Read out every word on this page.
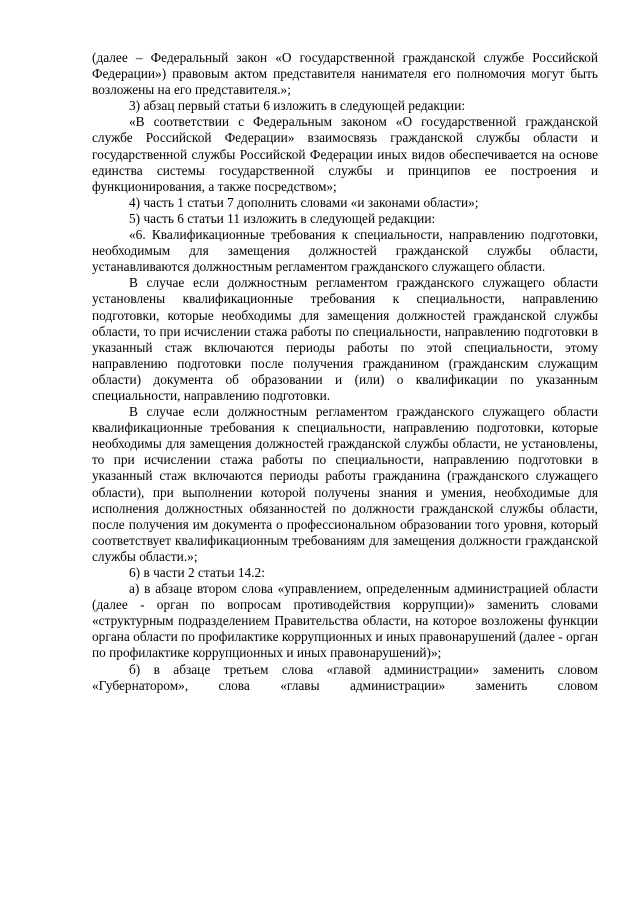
(далее – Федеральный закон «О государственной гражданской службе Российской Федерации») правовым актом представителя нанимателя его полномочия могут быть возложены на его представителя.»;

3) абзац первый статьи 6 изложить в следующей редакции:

«В соответствии с Федеральным законом «О государственной гражданской службе Российской Федерации» взаимосвязь гражданской службы области и государственной службы Российской Федерации иных видов обеспечивается на основе единства системы государственной службы и принципов ее построения и функционирования, а также посредством»;

4) часть 1 статьи 7 дополнить словами «и законами области»;

5) часть 6 статьи 11 изложить в следующей редакции:

«6. Квалификационные требования к специальности, направлению подготовки, необходимым для замещения должностей гражданской службы области, устанавливаются должностным регламентом гражданского служащего области.

В случае если должностным регламентом гражданского служащего области установлены квалификационные требования к специальности, направлению подготовки, которые необходимы для замещения должностей гражданской службы области, то при исчислении стажа работы по специальности, направлению подготовки в указанный стаж включаются периоды работы по этой специальности, этому направлению подготовки после получения гражданином (гражданским служащим области) документа об образовании и (или) о квалификации по указанным специальности, направлению подготовки.

В случае если должностным регламентом гражданского служащего области квалификационные требования к специальности, направлению подготовки, которые необходимы для замещения должностей гражданской службы области, не установлены, то при исчислении стажа работы по специальности, направлению подготовки в указанный стаж включаются периоды работы гражданина (гражданского служащего области), при выполнении которой получены знания и умения, необходимые для исполнения должностных обязанностей по должности гражданской службы области, после получения им документа о профессиональном образовании того уровня, который соответствует квалификационным требованиям для замещения должности гражданской службы области.»;

6) в части 2 статьи 14.2:

а) в абзаце втором слова «управлением, определенным администрацией области (далее - орган по вопросам противодействия коррупции)» заменить словами «структурным подразделением Правительства области, на которое возложены функции органа области по профилактике коррупционных и иных правонарушений (далее - орган по профилактике коррупционных и иных правонарушений)»;

б) в абзаце третьем слова «главой администрации» заменить словом «Губернатором», слова «главы администрации» заменить словом
